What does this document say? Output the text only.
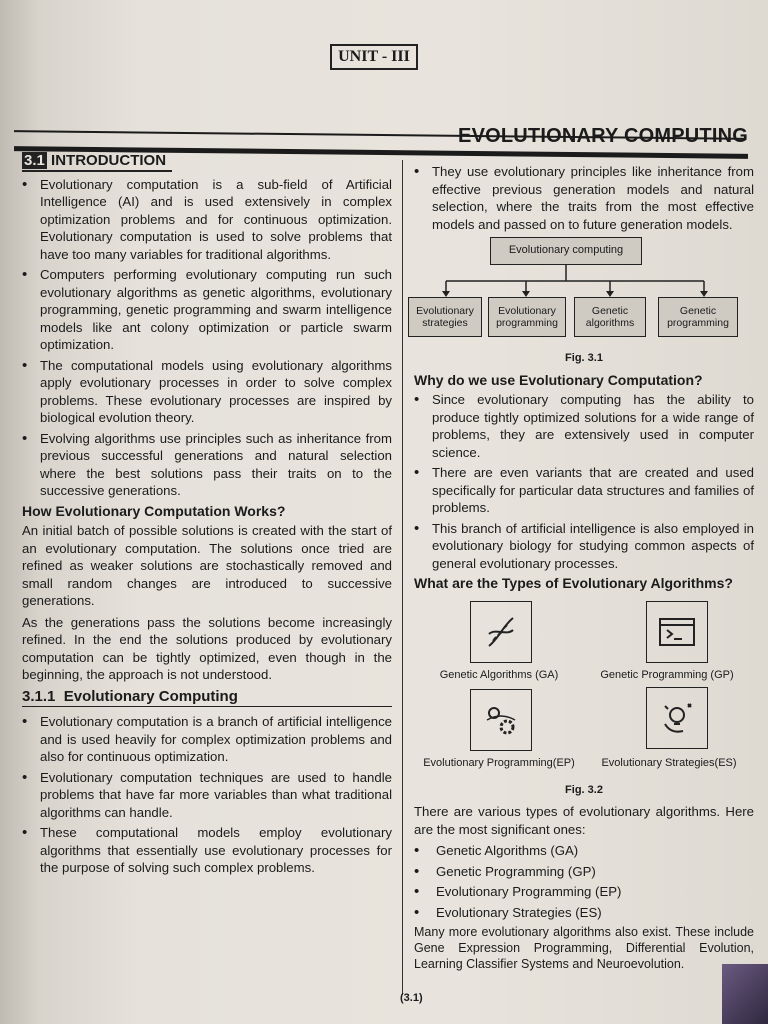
UNIT - III
EVOLUTIONARY COMPUTING
3.1 INTRODUCTION
• Evolutionary computation is a sub-field of Artificial Intelligence (AI) and is used extensively in complex optimization problems and for continuous optimization. Evolutionary computation is used to solve problems that have too many variables for traditional algorithms.
• Computers performing evolutionary computing run such evolutionary algorithms as genetic algorithms, evolutionary programming, genetic programming and swarm intelligence models like ant colony optimization or particle swarm optimization.
• The computational models using evolutionary algorithms apply evolutionary processes in order to solve complex problems. These evolutionary processes are inspired by biological evolution theory.
• Evolving algorithms use principles such as inheritance from previous successful generations and natural selection where the best solutions pass their traits on to the successive generations.
How Evolutionary Computation Works?
An initial batch of possible solutions is created with the start of an evolutionary computation. The solutions once tried are refined as weaker solutions are stochastically removed and small random changes are introduced to successive generations.
As the generations pass the solutions become increasingly refined. In the end the solutions produced by evolutionary computation can be tightly optimized, even though in the beginning, the approach is not understood.
3.1.1 Evolutionary Computing
• Evolutionary computation is a branch of artificial intelligence and is used heavily for complex optimization problems and also for continuous optimization.
• Evolutionary computation techniques are used to handle problems that have far more variables than what traditional algorithms can handle.
• These computational models employ evolutionary algorithms that essentially use evolutionary processes for the purpose of solving such complex problems.
• They use evolutionary principles like inheritance from effective previous generation models and natural selection, where the traits from the most effective models and passed on to future generation models.
Evolutionary computing
Evolutionary strategies
Evolutionary programming
Genetic algorithms
Genetic programming
Fig. 3.1
Why do we use Evolutionary Computation?
• Since evolutionary computing has the ability to produce tightly optimized solutions for a wide range of problems, they are extensively used in computer science.
• There are even variants that are created and used specifically for particular data structures and families of problems.
• This branch of artificial intelligence is also employed in evolutionary biology for studying common aspects of general evolutionary processes.
What are the Types of Evolutionary Algorithms?
Genetic Algorithms (GA)	Genetic Programming (GP)
Evolutionary Programming(EP)	Evolutionary Strategies(ES)
Fig. 3.2
There are various types of evolutionary algorithms. Here are the most significant ones:
• Genetic Algorithms (GA)
• Genetic Programming (GP)
• Evolutionary Programming (EP)
• Evolutionary Strategies (ES)
Many more evolutionary algorithms also exist. These include Gene Expression Programming, Differential Evolution, Learning Classifier Systems and Neuroevolution.
(3.1)
